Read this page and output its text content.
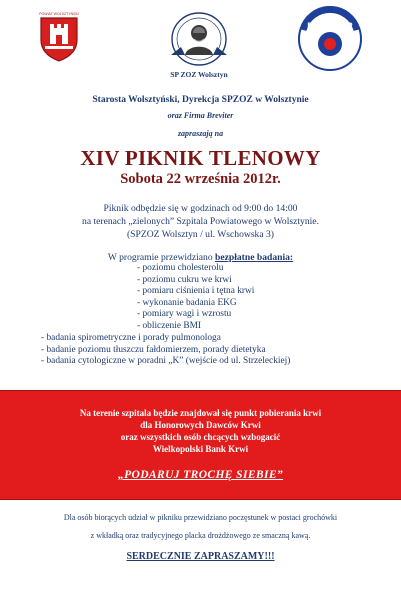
POWIAT WOLSZTYŃSKI
SP ZOZ Wolsztyn
BREVITER
Starosta Wolsztyński, Dyrekcja SPZOZ w Wolsztynie
oraz Firma Breviter
zapraszają na
XIV PIKNIK TLENOWY
Sobota 22 września 2012r.
Piknik odbędzie się w godzinach od 9:00 do 14:00
na terenach „zielonych” Szpitala Powiatowego w Wolsztynie.
(SPZOZ Wolsztyn / ul. Wschowska 3)
W programie przewidziano bezpłatne badania:
- poziomu cholesterolu
- poziomu cukru we krwi
- pomiaru ciśnienia i tętna krwi
- wykonanie badania EKG
- pomiary wagi i wzrostu
- obliczenie BMI
- badania spirometryczne i porady pulmonologa
- badanie poziomu tłuszczu fałdomierzem, porady dietetyka
- badania cytologiczne w poradni „K” (wejście od ul. Strzeleckiej)
Na terenie szpitala będzie znajdował się punkt pobierania krwi
dla Honorowych Dawców Krwi
oraz wszystkich osób chcących wzbogacić
Wielkopolski Bank Krwi
„PODARUJ TROCHĘ SIEBIE”
Dla osób biorących udział w pikniku przewidziano poczęstunek w postaci grochówki
z wkładką oraz tradycyjnego placka drożdżowego ze smaczną kawą.
SERDECZNIE ZAPRASZAMY!!!
